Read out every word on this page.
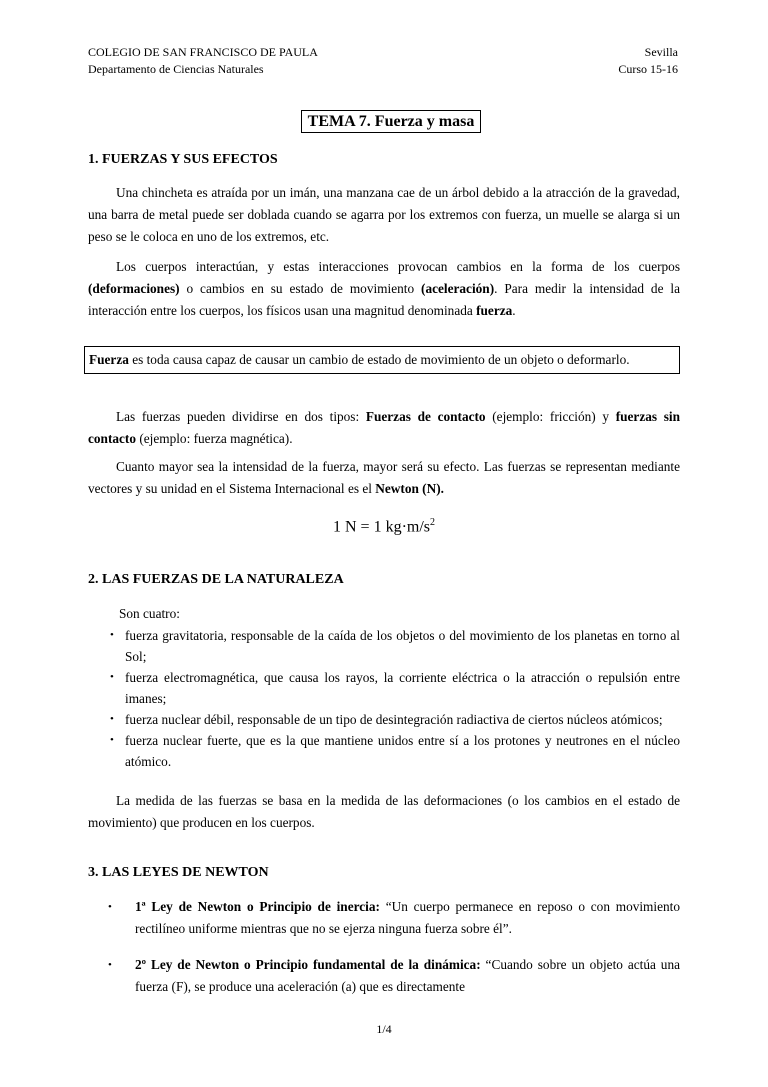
COLEGIO DE SAN FRANCISCO DE PAULA
Departamento de Ciencias Naturales
Sevilla
Curso 15-16
TEMA 7. Fuerza y masa
1. FUERZAS Y SUS EFECTOS

Una chincheta es atraída por un imán, una manzana cae de un árbol debido a la atracción de la gravedad, una barra de metal puede ser doblada cuando se agarra por los extremos con fuerza, un muelle se alarga si un peso se le coloca en uno de los extremos, etc.

Los cuerpos interactúan, y estas interacciones provocan cambios en la forma de los cuerpos (deformaciones) o cambios en su estado de movimiento (aceleración). Para medir la intensidad de la interacción entre los cuerpos, los físicos usan una magnitud denominada fuerza.

Fuerza es toda causa capaz de causar un cambio de estado de movimiento de un objeto o deformarlo.

Las fuerzas pueden dividirse en dos tipos: Fuerzas de contacto (ejemplo: fricción) y fuerzas sin contacto (ejemplo: fuerza magnética).

Cuanto mayor sea la intensidad de la fuerza, mayor será su efecto. Las fuerzas se representan mediante vectores y su unidad en el Sistema Internacional es el Newton (N).

1 N = 1 $kg\cdot m/s^2$
2. LAS FUERZAS DE LA NATURALEZA
Son cuatro:
• fuerza gravitatoria, responsable de la caída de los objetos o del movimiento de los planetas en torno al Sol;
• fuerza electromagnética, que causa los rayos, la corriente eléctrica o la atracción o repulsión entre imanes;
• fuerza nuclear débil, responsable de un tipo de desintegración radiactiva de ciertos núcleos atómicos;
• fuerza nuclear fuerte, que es la que mantiene unidos entre sí a los protones y neutrones en el núcleo atómico.

La medida de las fuerzas se basa en la medida de las deformaciones (o los cambios en el estado de movimiento) que producen en los cuerpos.

3. LAS LEYES DE NEWTON
• 1ª Ley de Newton o Principio de inercia: “Un cuerpo permanece en reposo o con movimiento rectilíneo uniforme mientras que no se ejerza ninguna fuerza sobre él”.
• 2º Ley de Newton o Principio fundamental de la dinámica: “Cuando sobre un objeto actúa una fuerza (F), se produce una aceleración (a) que es directamente
1/4
